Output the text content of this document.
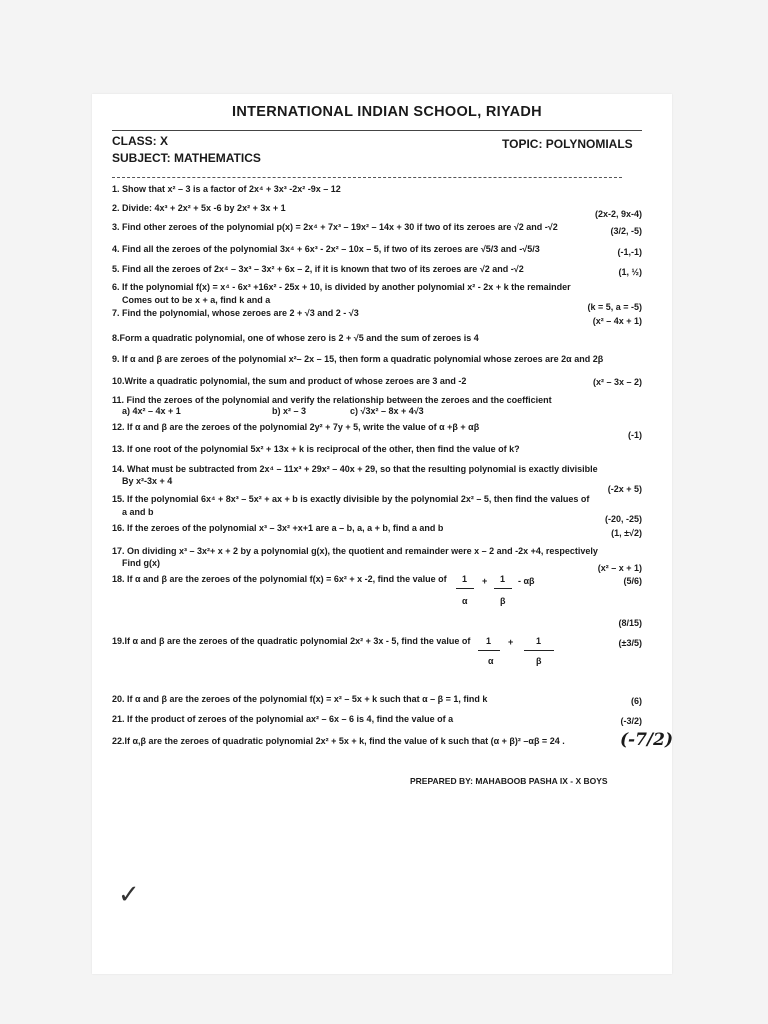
INTERNATIONAL INDIAN SCHOOL, RIYADH
CLASS: X	TOPIC: POLYNOMIALS
SUBJECT: MATHEMATICS
1. Show that x² – 3 is a factor of 2x⁴ + 3x³ -2x² -9x – 12
2. Divide: 4x³ + 2x² + 5x -6 by 2x² + 3x + 1
(2x-2, 9x-4)
3. Find other zeroes of the polynomial p(x) = 2x⁴ + 7x³ – 19x² – 14x + 30 if two of its zeroes are √2 and -√2	(3/2, -5)
4. Find all the zeroes of the polynomial 3x⁴ + 6x³ - 2x² – 10x – 5, if two of its zeroes are √5/3 and -√5/3	(-1,-1)
5. Find all the zeroes of 2x⁴ – 3x³ – 3x² + 6x – 2, if it is known that two of its zeroes are √2 and -√2	(1, ½)
6. If the polynomial f(x) = x⁴ - 6x³ +16x² - 25x + 10, is divided by another polynomial x² - 2x + k the remainder
Comes out to be x + a, find k and a
(k = 5, a = -5)
7. Find the polynomial, whose zeroes are 2 + √3 and 2 - √3
(x² – 4x + 1)
8.Form a quadratic polynomial, one of whose zero is 2 + √5 and the sum of zeroes is 4
9. If α and β are zeroes of the polynomial x²– 2x – 15, then form a quadratic polynomial whose zeroes are 2α and 2β
10.Write a quadratic polynomial, the sum and product of whose zeroes are 3 and -2	(x² – 3x – 2)
11. Find the zeroes of the polynomial and verify the relationship between the zeroes and the coefficient
a) 4x² – 4x + 1	b) x² – 3	c) √3x² – 8x + 4√3
12. If α and β are the zeroes of the polynomial 2y² + 7y + 5, write the value of α +β + αβ
(-1)
13. If one root of the polynomial 5x² + 13x + k is reciprocal of the other, then find the value of k?
14. What must be subtracted from 2x⁴ – 11x³ + 29x² – 40x + 29, so that the resulting polynomial is exactly divisible
By x²-3x + 4
(-2x + 5)
15. If the polynomial 6x⁴ + 8x³ – 5x² + ax + b is exactly divisible by the polynomial 2x² – 5, then find the values of
a and b
(-20, -25)
16. If the zeroes of the polynomial x³ – 3x² +x+1 are a – b, a, a + b, find a and b	(1, ±√2)
17. On dividing x³ – 3x²+ x + 2 by a polynomial g(x), the quotient and remainder were x – 2 and -2x +4, respectively
Find g(x)	(x² – x + 1)
18. If α and β are the zeroes of the polynomial f(x) = 6x² + x -2, find the value of 1
α
+ 1
β
- αβ	(5/6)
(8/15)
19.If α and β are the zeroes of the quadratic polynomial 2x² + 3x - 5, find the value of 1
α
+	1
β
(±3/5)
20. If α and β are the zeroes of the polynomial f(x) = x² – 5x + k such that α – β = 1, find k	(6)
21. If the product of zeroes of the polynomial ax² – 6x – 6 is 4, find the value of a	(-3/2)
22.If α,β are the zeroes of quadratic polynomial 2x² + 5x + k, find the value of k such that (α + β)² –αβ = 24 .	(-7/2)
PREPARED BY: MAHABOOB PASHA IX - X BOYS
✓
